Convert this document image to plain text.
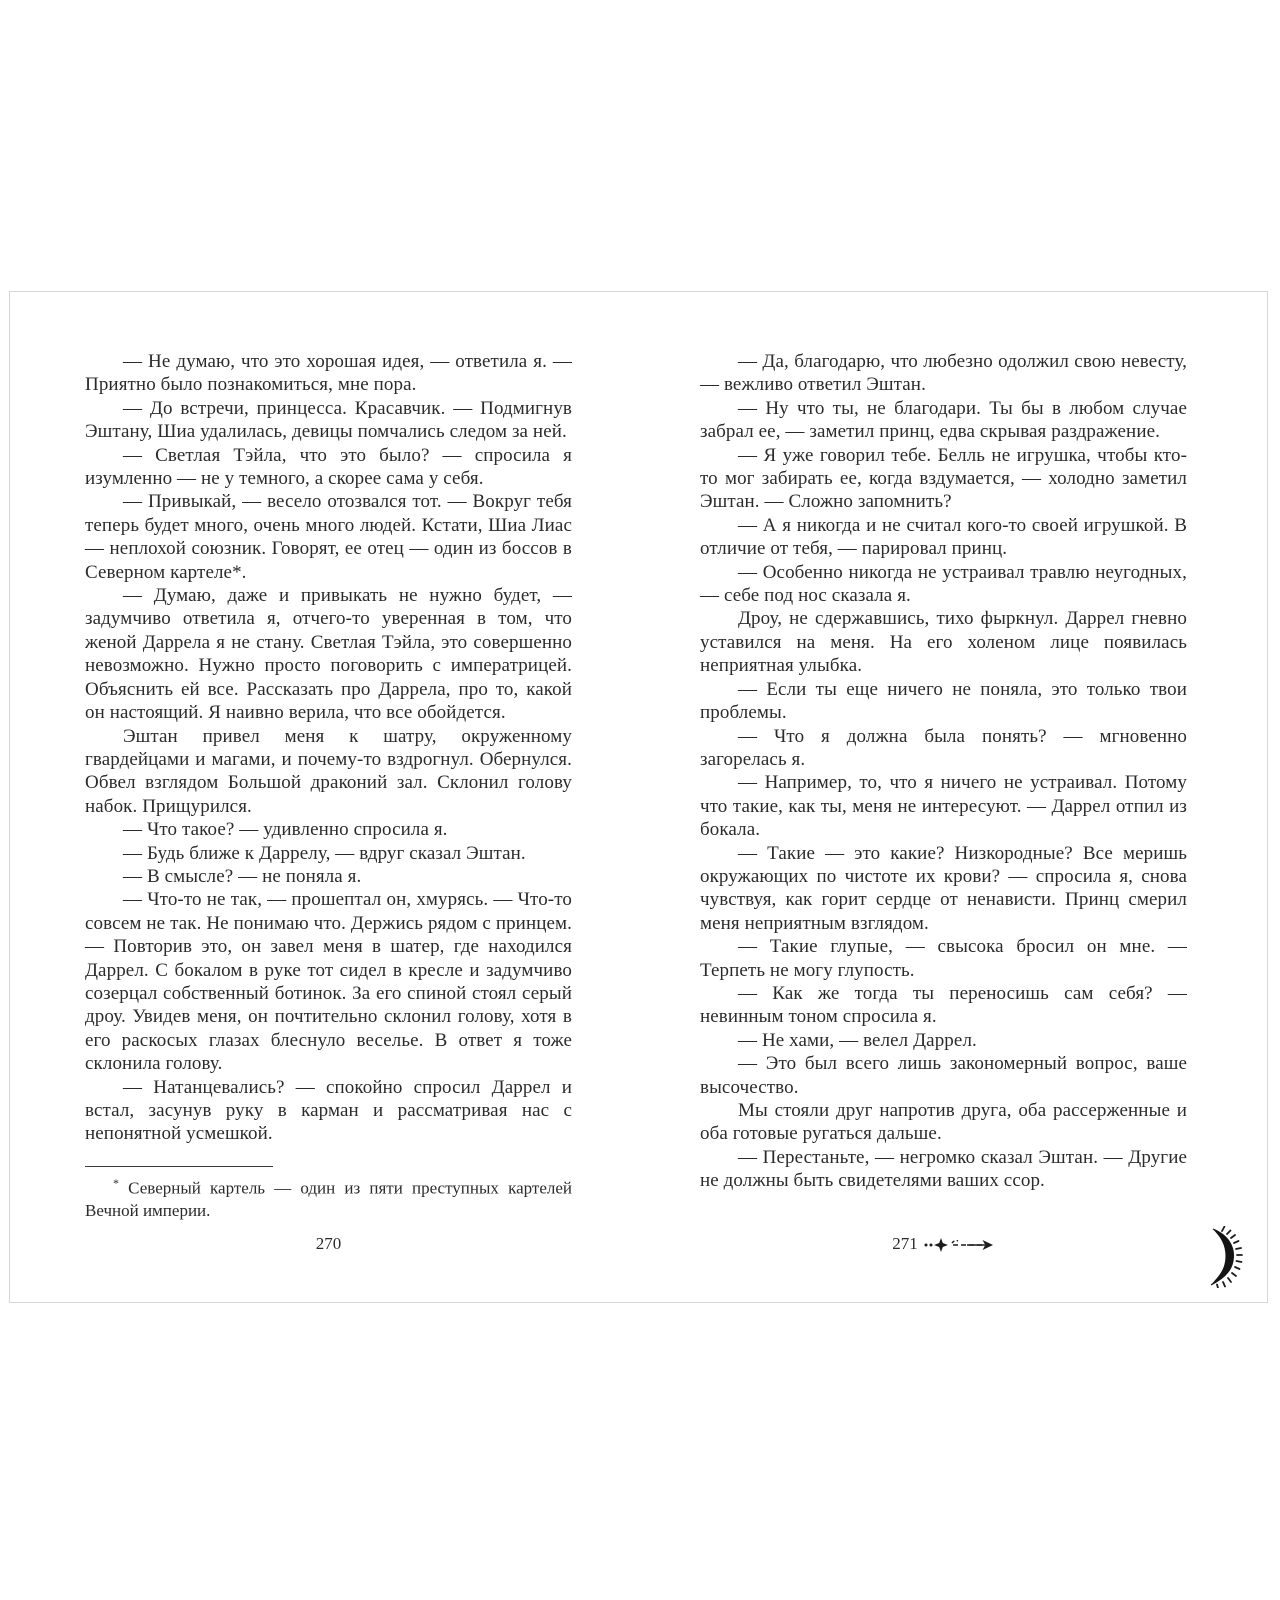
— Не думаю, что это хорошая идея, — ответила я. — Приятно было познакомиться, мне пора.

— До встречи, принцесса. Красавчик. — Подмигнув Эштану, Шиа удалилась, девицы помчались следом за ней.

— Светлая Тэйла, что это было? — спросила я изумленно — не у темного, а скорее сама у себя.

— Привыкай, — весело отозвался тот. — Вокруг тебя теперь будет много, очень много людей. Кстати, Шиа Лиас — неплохой союзник. Говорят, ее отец — один из боссов в Северном картеле*.

— Думаю, даже и привыкать не нужно будет, — задумчиво ответила я, отчего-то уверенная в том, что женой Даррела я не стану. Светлая Тэйла, это совершенно невозможно. Нужно просто поговорить с императрицей. Объяснить ей все. Рассказать про Даррела, про то, какой он настоящий. Я наивно верила, что все обойдется.

Эштан привел меня к шатру, окруженному гвардейцами и магами, и почему-то вздрогнул. Обернулся. Обвел взглядом Большой драконий зал. Склонил голову набок. Прищурился.

— Что такое? — удивленно спросила я.

— Будь ближе к Даррелу, — вдруг сказал Эштан.

— В смысле? — не поняла я.

— Что-то не так, — прошептал он, хмурясь. — Что-то совсем не так. Не понимаю что. Держись рядом с принцем. — Повторив это, он завел меня в шатер, где находился Даррел. С бокалом в руке тот сидел в кресле и задумчиво созерцал собственный ботинок. За его спиной стоял серый дроу. Увидев меня, он почтительно склонил голову, хотя в его раскосых глазах блеснуло веселье. В ответ я тоже склонила голову.

— Натанцевались? — спокойно спросил Даррел и встал, засунув руку в карман и рассматривая нас с непонятной усмешкой.

— Да, благодарю, что любезно одолжил свою невесту, — вежливо ответил Эштан.

— Ну что ты, не благодари. Ты бы в любом случае забрал ее, — заметил принц, едва скрывая раздражение.

— Я уже говорил тебе. Белль не игрушка, чтобы кто-то мог забирать ее, когда вздумается, — холодно заметил Эштан. — Сложно запомнить?

— А я никогда и не считал кого-то своей игрушкой. В отличие от тебя, — парировал принц.

— Особенно никогда не устраивал травлю неугодных, — себе под нос сказала я.

Дроу, не сдержавшись, тихо фыркнул. Даррел гневно уставился на меня. На его холеном лице появилась неприятная улыбка.

— Если ты еще ничего не поняла, это только твои проблемы.

— Что я должна была понять? — мгновенно загорелась я.

— Например, то, что я ничего не устраивал. Потому что такие, как ты, меня не интересуют. — Даррел отпил из бокала.

— Такие — это какие? Низкородные? Все меришь окружающих по чистоте их крови? — спросила я, снова чувствуя, как горит сердце от ненависти. Принц смерил меня неприятным взглядом.

— Такие глупые, — свысока бросил он мне. — Терпеть не могу глупость.

— Как же тогда ты переносишь сам себя? — невинным тоном спросила я.

— Не хами, — велел Даррел.

— Это был всего лишь закономерный вопрос, ваше высочество.

Мы стояли друг напротив друга, оба рассерженные и оба готовые ругаться дальше.

— Перестаньте, — негромко сказал Эштан. — Другие не должны быть свидетелями ваших ссор.

* Северный картель — один из пяти преступных картелей Вечной империи.

270	271
